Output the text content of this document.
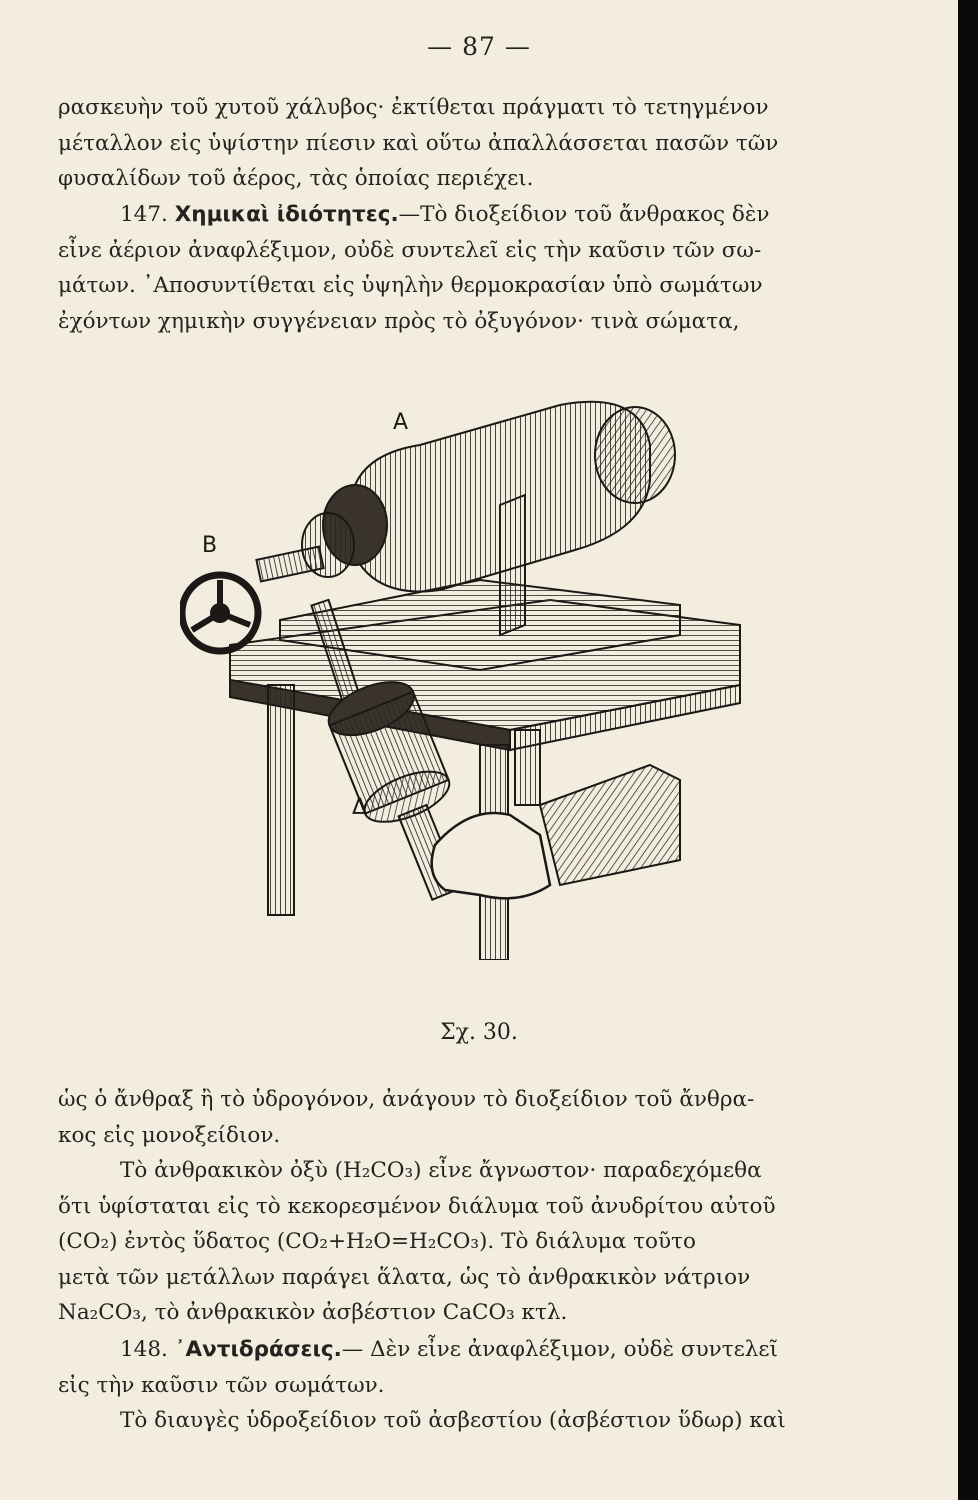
— 87 —
ρασκευὴν τοῦ χυτοῦ χάλυβος· ἐκτίθεται πράγματι τὸ τετηγμένον
μέταλλον εἰς ὑψίστην πίεσιν καὶ οὕτω ἀπαλλάσσεται πασῶν τῶν
φυσαλίδων τοῦ ἀέρος, τὰς ὁποίας περιέχει.
147. Χημικαὶ ἰδιότητες.—Τὸ διοξείδιον τοῦ ἄνθρακος δὲν
εἶνε ἀέριον ἀναφλέξιμον, οὐδὲ συντελεῖ εἰς τὴν καῦσιν τῶν σω-
μάτων. ᾿Αποσυντίθεται εἰς ὑψηλὴν θερμοκρασίαν ὑπὸ σωμάτων
ἐχόντων χημικὴν συγγένειαν πρὸς τὸ ὀξυγόνον· τινὰ σώματα,
A
B
Δ
Σχ. 30.
ὡς ὁ ἄνθραξ ἢ τὸ ὑδρογόνον, ἀνάγουν τὸ διοξείδιον τοῦ ἄνθρα-
κος εἰς μονοξείδιον.
Τὸ ἀνθρακικὸν ὀξὺ (H₂CO₃) εἶνε ἄγνωστον· παραδεχόμεθα
ὅτι ὑφίσταται εἰς τὸ κεκορεσμένον διάλυμα τοῦ ἀνυδρίτου αὐτοῦ
(CO₂) ἐντὸς ὕδατος (CO₂+H₂O=H₂CO₃). Τὸ διάλυμα τοῦτο
μετὰ τῶν μετάλλων παράγει ἅλατα, ὡς τὸ ἀνθρακικὸν νάτριον
Na₂CO₃, τὸ ἀνθρακικὸν ἀσβέστιον CaCO₃ κτλ.
148. ᾿Αντιδράσεις.— Δὲν εἶνε ἀναφλέξιμον, οὐδὲ συντελεῖ
εἰς τὴν καῦσιν τῶν σωμάτων.
Τὸ διαυγὲς ὑδροξείδιον τοῦ ἀσβεστίου (ἀσβέστιον ὕδωρ) καὶ
